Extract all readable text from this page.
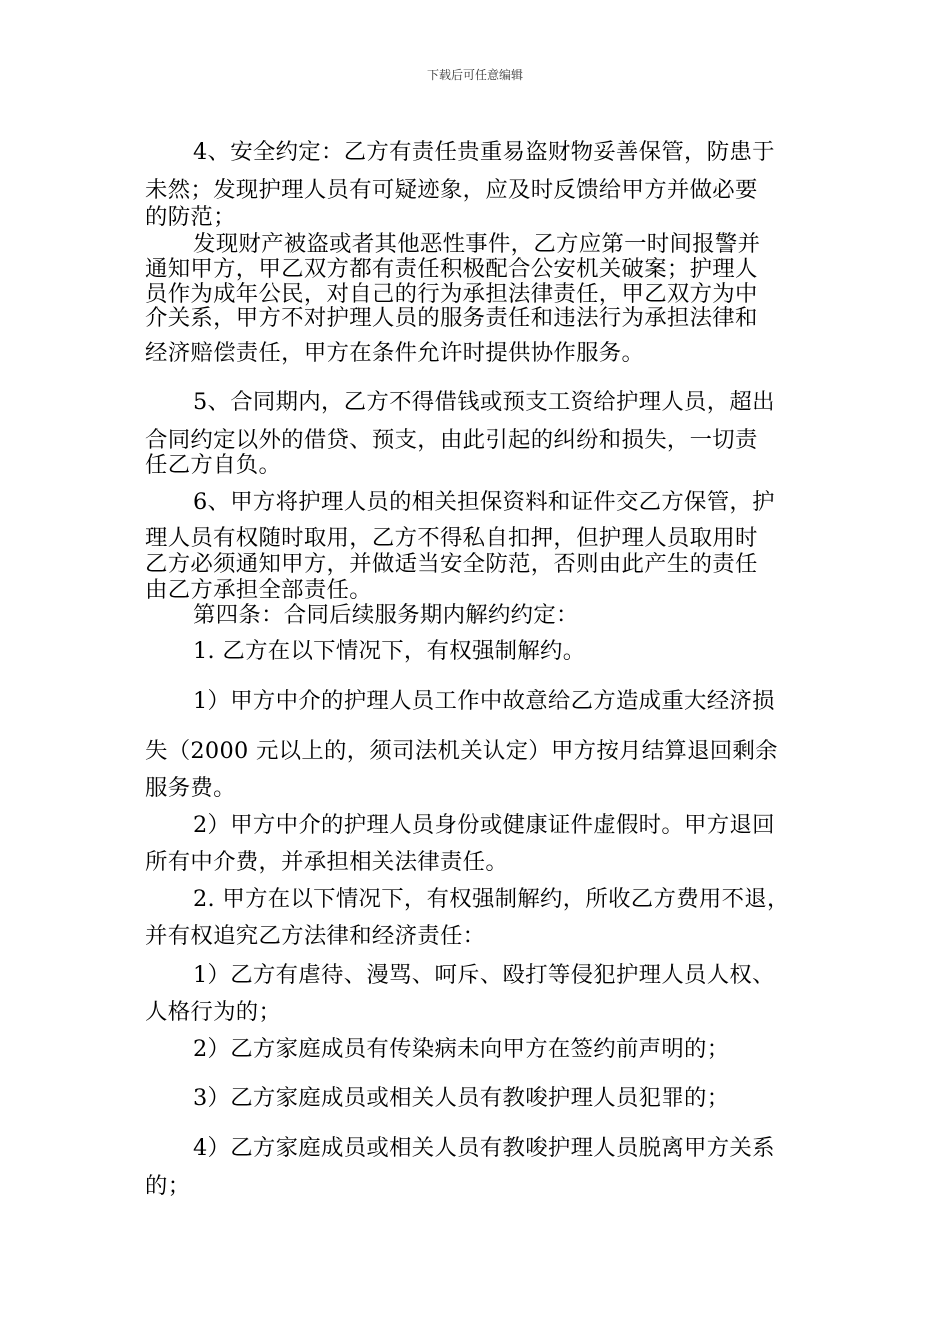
下载后可任意编辑
4、安全约定：乙方有责任贵重易盗财物妥善保管，防患于
未然；发现护理人员有可疑迹象，应及时反馈给甲方并做必要
的防范；
发现财产被盗或者其他恶性事件，乙方应第一时间报警并
通知甲方，甲乙双方都有责任积极配合公安机关破案；护理人
员作为成年公民，对自己的行为承担法律责任，甲乙双方为中
介关系，甲方不对护理人员的服务责任和违法行为承担法律和
经济赔偿责任，甲方在条件允许时提供协作服务。
5、合同期内，乙方不得借钱或预支工资给护理人员，超出
合同约定以外的借贷、预支，由此引起的纠纷和损失，一切责
任乙方自负。
6、甲方将护理人员的相关担保资料和证件交乙方保管，护
理人员有权随时取用，乙方不得私自扣押，但护理人员取用时
乙方必须通知甲方，并做适当安全防范，否则由此产生的责任
由乙方承担全部责任。
第四条：合同后续服务期内解约约定：
1. 乙方在以下情况下，有权强制解约。
1）甲方中介的护理人员工作中故意给乙方造成重大经济损
失（2000 元以上的，须司法机关认定）甲方按月结算退回剩余
服务费。
2）甲方中介的护理人员身份或健康证件虚假时。甲方退回
所有中介费，并承担相关法律责任。
2. 甲方在以下情况下，有权强制解约，所收乙方费用不退，
并有权追究乙方法律和经济责任：
1）乙方有虐待、漫骂、呵斥、殴打等侵犯护理人员人权、
人格行为的；
2）乙方家庭成员有传染病未向甲方在签约前声明的；
3）乙方家庭成员或相关人员有教唆护理人员犯罪的；
4）乙方家庭成员或相关人员有教唆护理人员脱离甲方关系
的；
